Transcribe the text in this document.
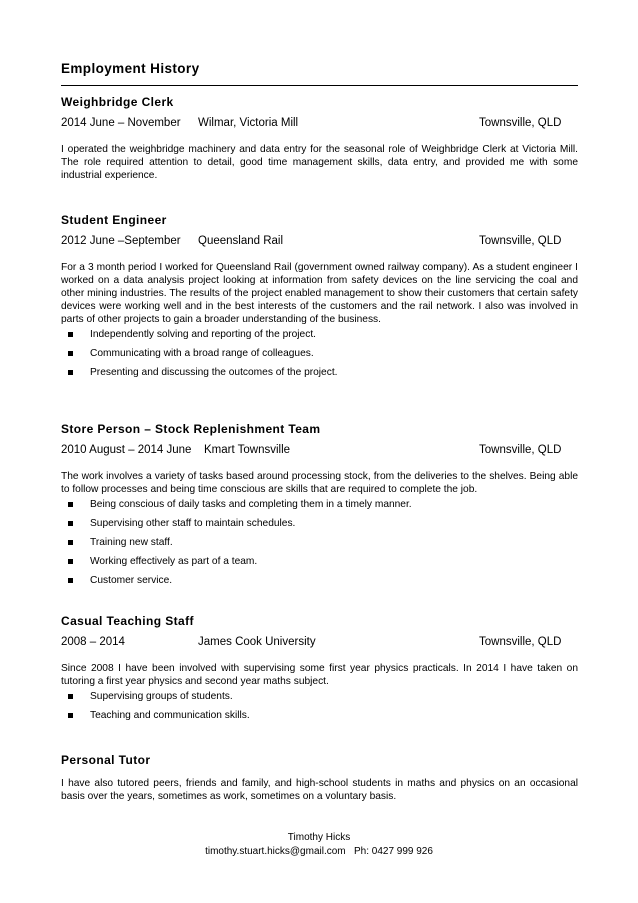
Employment History
Weighbridge Clerk
2014 June – November Wilmar, Victoria Mill	Townsville, QLD

I operated the weighbridge machinery and data entry for the seasonal role of Weighbridge Clerk at Victoria Mill. The role required attention to detail, good time management skills, data entry, and provided me with some industrial experience.

Student Engineer
2012 June –September Queensland Rail	Townsville, QLD

For a 3 month period I worked for Queensland Rail (government owned railway company). As a student engineer I worked on a data analysis project looking at information from safety devices on the line servicing the coal and other mining industries. The results of the project enabled management to show their customers that certain safety devices were working well and in the best interests of the customers and the rail network. I also was involved in parts of other projects to gain a broader understanding of the business.

Independently solving and reporting of the project.
Communicating with a broad range of colleagues.
Presenting and discussing the outcomes of the project.
Store Person – Stock Replenishment Team
2010 August – 2014 June Kmart Townsville	Townsville, QLD

The work involves a variety of tasks based around processing stock, from the deliveries to the shelves. Being able to follow processes and being time conscious are skills that are required to complete the job.

Being conscious of daily tasks and completing them in a timely manner.
Supervising other staff to maintain schedules.
Training new staff.
Working effectively as part of a team.
Customer service.
Casual Teaching Staff
2008 – 2014	James Cook University	Townsville, QLD

Since 2008 I have been involved with supervising some first year physics practicals. In 2014 I have taken on tutoring a first year physics and second year maths subject.

Supervising groups of students.
Teaching and communication skills.
Personal Tutor

I have also tutored peers, friends and family, and high-school students in maths and physics on an occasional basis over the years, sometimes as work, sometimes on a voluntary basis.

Timothy Hicks
timothy.stuart.hicks@gmail.com Ph: 0427 999 926
